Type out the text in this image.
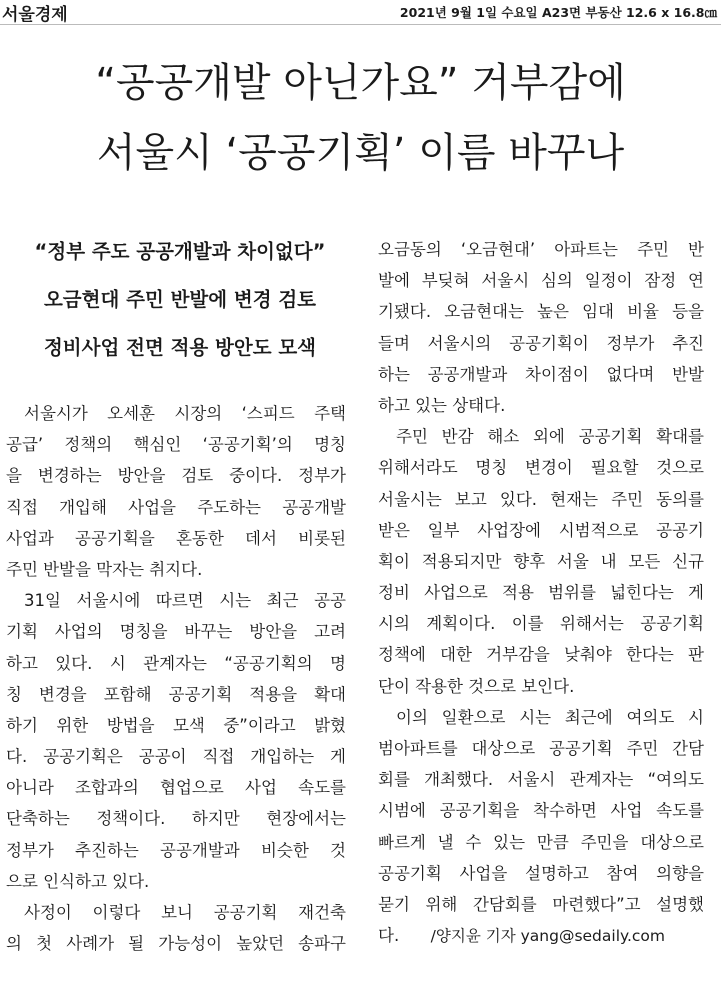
서울경제	2021년 9월 1일 수요일 A23면 부동산 12.6 x 16.8㎝
“공공개발 아닌가요” 거부감에
서울시 ‘공공기획’ 이름 바꾸나
“정부 주도 공공개발과 차이없다”
오금현대 주민 반발에 변경 검토
정비사업 전면 적용 방안도 모색
서울시가 오세훈 시장의 ‘스피드 주택
공급’ 정책의 핵심인 ‘공공기획’의 명칭
을 변경하는 방안을 검토 중이다. 정부가
직접 개입해 사업을 주도하는 공공개발
사업과 공공기획을 혼동한 데서 비롯된
주민 반발을 막자는 취지다.
31일 서울시에 따르면 시는 최근 공공
기획 사업의 명칭을 바꾸는 방안을 고려
하고 있다. 시 관계자는 “공공기획의 명
칭 변경을 포함해 공공기획 적용을 확대
하기 위한 방법을 모색 중”이라고 밝혔
다. 공공기획은 공공이 직접 개입하는 게
아니라 조합과의 협업으로 사업 속도를
단축하는 정책이다. 하지만 현장에서는
정부가 추진하는 공공개발과 비슷한 것
으로 인식하고 있다.
사정이 이렇다 보니 공공기획 재건축
의 첫 사례가 될 가능성이 높았던 송파구
오금동의 ‘오금현대’ 아파트는 주민 반
발에 부딪혀 서울시 심의 일정이 잠정 연
기됐다. 오금현대는 높은 임대 비율 등을
들며 서울시의 공공기획이 정부가 추진
하는 공공개발과 차이점이 없다며 반발
하고 있는 상태다.
주민 반감 해소 외에 공공기획 확대를
위해서라도 명칭 변경이 필요할 것으로
서울시는 보고 있다. 현재는 주민 동의를
받은 일부 사업장에 시범적으로 공공기
획이 적용되지만 향후 서울 내 모든 신규
정비 사업으로 적용 범위를 넓힌다는 게
시의 계획이다. 이를 위해서는 공공기획
정책에 대한 거부감을 낮춰야 한다는 판
단이 작용한 것으로 보인다.
이의 일환으로 시는 최근에 여의도 시
범아파트를 대상으로 공공기획 주민 간담
회를 개최했다. 서울시 관계자는 “여의도
시범에 공공기획을 착수하면 사업 속도를
빠르게 낼 수 있는 만큼 주민을 대상으로
공공기획 사업을 설명하고 참여 의향을
묻기 위해 간담회를 마련했다”고 설명했
다. /양지윤 기자 yang@sedaily.com
